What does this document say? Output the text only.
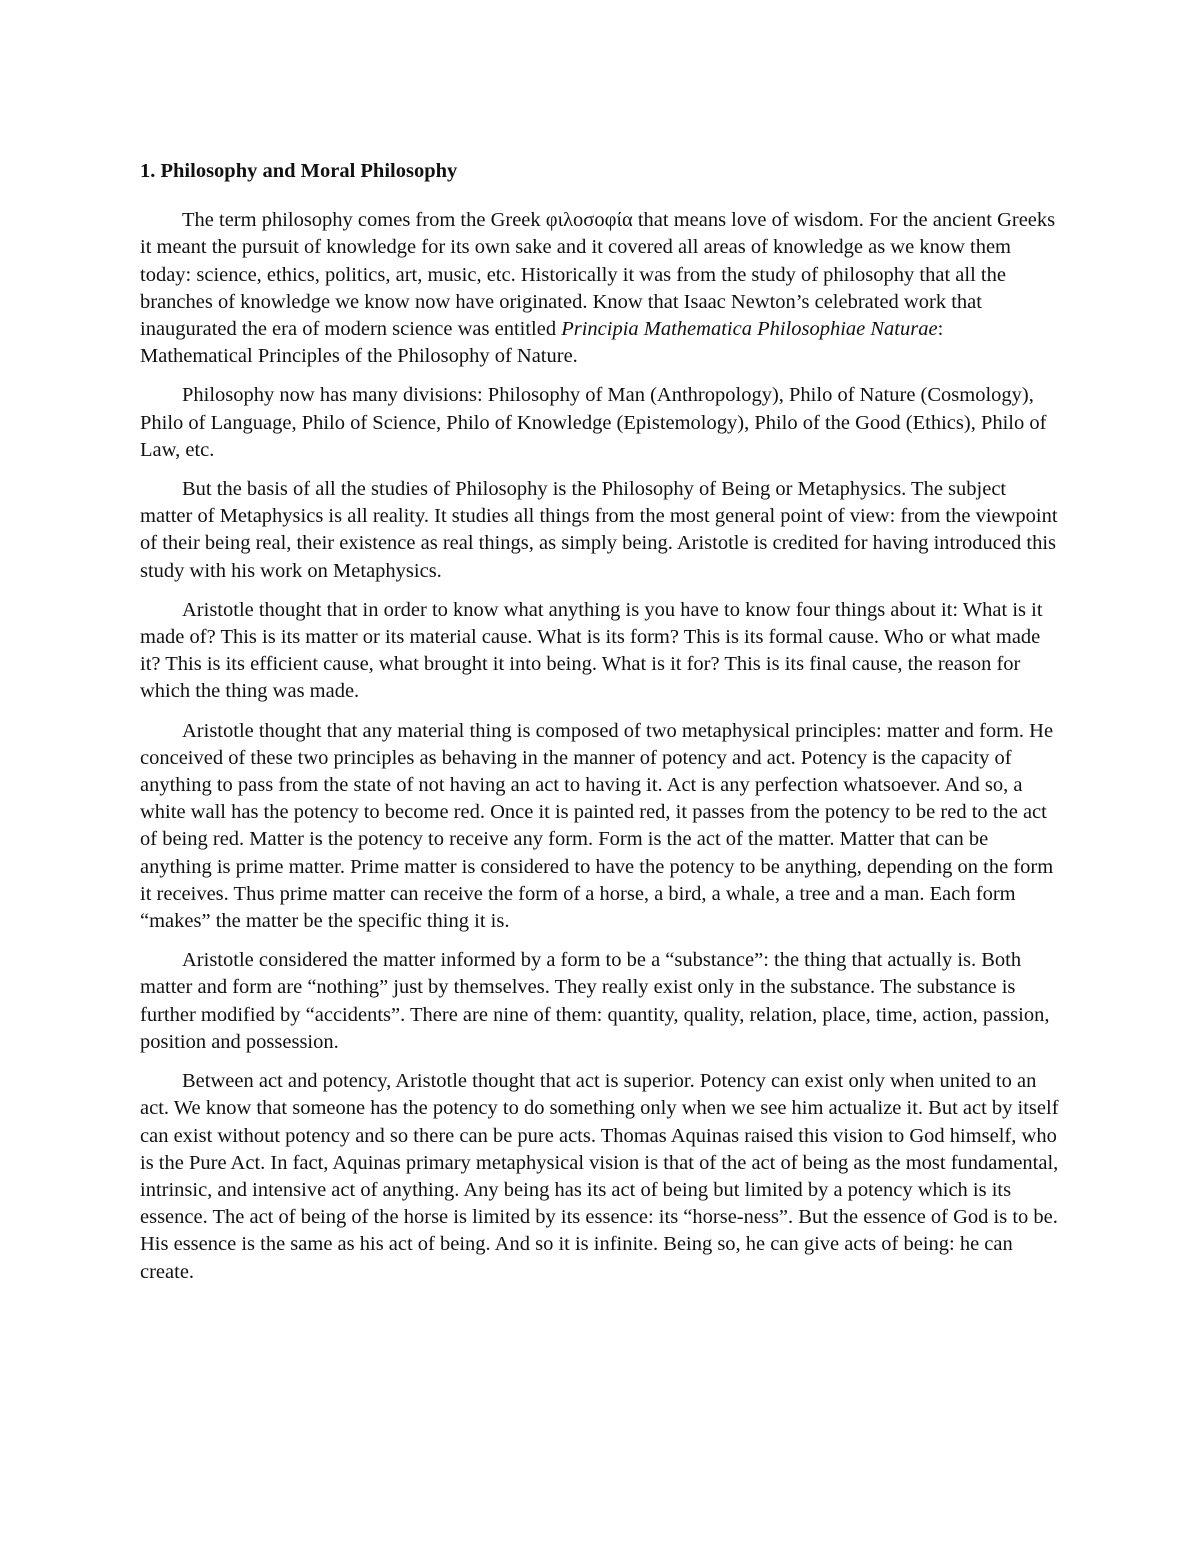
1. Philosophy and Moral Philosophy

The term philosophy comes from the Greek φιλοσοφία that means love of wisdom. For the ancient Greeks it meant the pursuit of knowledge for its own sake and it covered all areas of knowledge as we know them today: science, ethics, politics, art, music, etc. Historically it was from the study of philosophy that all the branches of knowledge we know now have originated. Know that Isaac Newton’s celebrated work that inaugurated the era of modern science was entitled Principia Mathematica Philosophiae Naturae: Mathematical Principles of the Philosophy of Nature.

Philosophy now has many divisions: Philosophy of Man (Anthropology), Philo of Nature (Cosmology), Philo of Language, Philo of Science, Philo of Knowledge (Epistemology), Philo of the Good (Ethics), Philo of Law, etc.

But the basis of all the studies of Philosophy is the Philosophy of Being or Metaphysics. The subject matter of Metaphysics is all reality. It studies all things from the most general point of view: from the viewpoint of their being real, their existence as real things, as simply being. Aristotle is credited for having introduced this study with his work on Metaphysics.

Aristotle thought that in order to know what anything is you have to know four things about it: What is it made of? This is its matter or its material cause. What is its form? This is its formal cause. Who or what made it? This is its efficient cause, what brought it into being. What is it for? This is its final cause, the reason for which the thing was made.

Aristotle thought that any material thing is composed of two metaphysical principles: matter and form. He conceived of these two principles as behaving in the manner of potency and act. Potency is the capacity of anything to pass from the state of not having an act to having it. Act is any perfection whatsoever. And so, a white wall has the potency to become red. Once it is painted red, it passes from the potency to be red to the act of being red. Matter is the potency to receive any form. Form is the act of the matter. Matter that can be anything is prime matter. Prime matter is considered to have the potency to be anything, depending on the form it receives. Thus prime matter can receive the form of a horse, a bird, a whale, a tree and a man. Each form “makes” the matter be the specific thing it is.

Aristotle considered the matter informed by a form to be a “substance”: the thing that actually is. Both matter and form are “nothing” just by themselves. They really exist only in the substance. The substance is further modified by “accidents”. There are nine of them: quantity, quality, relation, place, time, action, passion, position and possession.

Between act and potency, Aristotle thought that act is superior. Potency can exist only when united to an act. We know that someone has the potency to do something only when we see him actualize it. But act by itself can exist without potency and so there can be pure acts. Thomas Aquinas raised this vision to God himself, who is the Pure Act. In fact, Aquinas primary metaphysical vision is that of the act of being as the most fundamental, intrinsic, and intensive act of anything. Any being has its act of being but limited by a potency which is its essence. The act of being of the horse is limited by its essence: its “horse-ness”. But the essence of God is to be. His essence is the same as his act of being. And so it is infinite. Being so, he can give acts of being: he can create.
